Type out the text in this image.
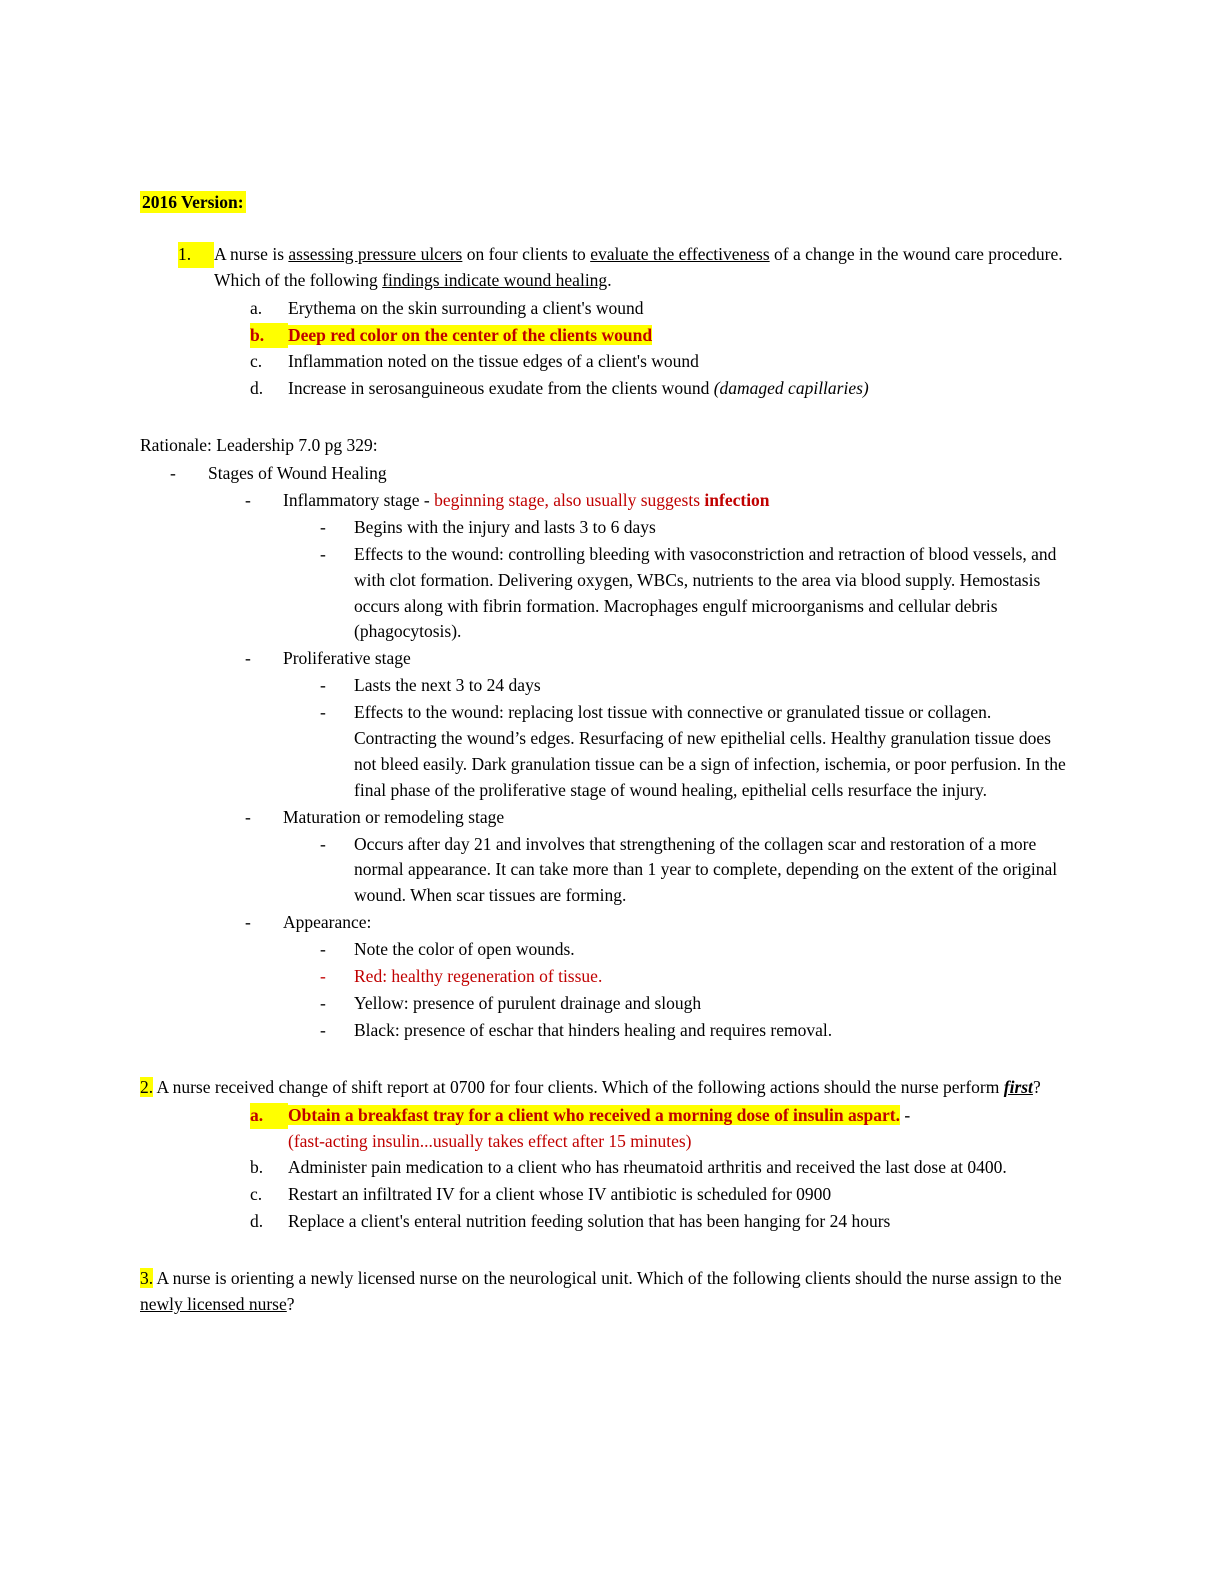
2016 Version:
1.	A nurse is assessing pressure ulcers on four clients to evaluate the effectiveness of a change in the wound care procedure. Which of the following findings indicate wound healing.
a.	Erythema on the skin surrounding a client's wound
b.	Deep red color on the center of the clients wound
c.	Inflammation noted on the tissue edges of a client's wound
d.	Increase in serosanguineous exudate from the clients wound (damaged capillaries)
Rationale: Leadership 7.0 pg 329:
-	Stages of Wound Healing
-	Inflammatory stage - beginning stage, also usually suggests infection
-	Begins with the injury and lasts 3 to 6 days
-	Effects to the wound: controlling bleeding with vasoconstriction and retraction of blood vessels, and with clot formation. Delivering oxygen, WBCs, nutrients to the area via blood supply. Hemostasis occurs along with fibrin formation. Macrophages engulf microorganisms and cellular debris (phagocytosis).
-	Proliferative stage
-	Lasts the next 3 to 24 days
-	Effects to the wound: replacing lost tissue with connective or granulated tissue or collagen. Contracting the wound’s edges. Resurfacing of new epithelial cells. Healthy granulation tissue does not bleed easily. Dark granulation tissue can be a sign of infection, ischemia, or poor perfusion. In the final phase of the proliferative stage of wound healing, epithelial cells resurface the injury.
-	Maturation or remodeling stage
-	Occurs after day 21 and involves that strengthening of the collagen scar and restoration of a more normal appearance. It can take more than 1 year to complete, depending on the extent of the original wound. When scar tissues are forming.
-	Appearance:
-	Note the color of open wounds.
-	Red: healthy regeneration of tissue.
-	Yellow: presence of purulent drainage and slough
-	Black: presence of eschar that hinders healing and requires removal.
2. A nurse received change of shift report at 0700 for four clients. Which of the following actions should the nurse perform first?
a.	Obtain a breakfast tray for a client who received a morning dose of insulin aspart. -
(fast-acting insulin...usually takes effect after 15 minutes)
b.	Administer pain medication to a client who has rheumatoid arthritis and received the last dose at 0400.
c.	Restart an infiltrated IV for a client whose IV antibiotic is scheduled for 0900
d.	Replace a client's enteral nutrition feeding solution that has been hanging for 24 hours
3. A nurse is orienting a newly licensed nurse on the neurological unit. Which of the following clients should the nurse assign to the newly licensed nurse?
